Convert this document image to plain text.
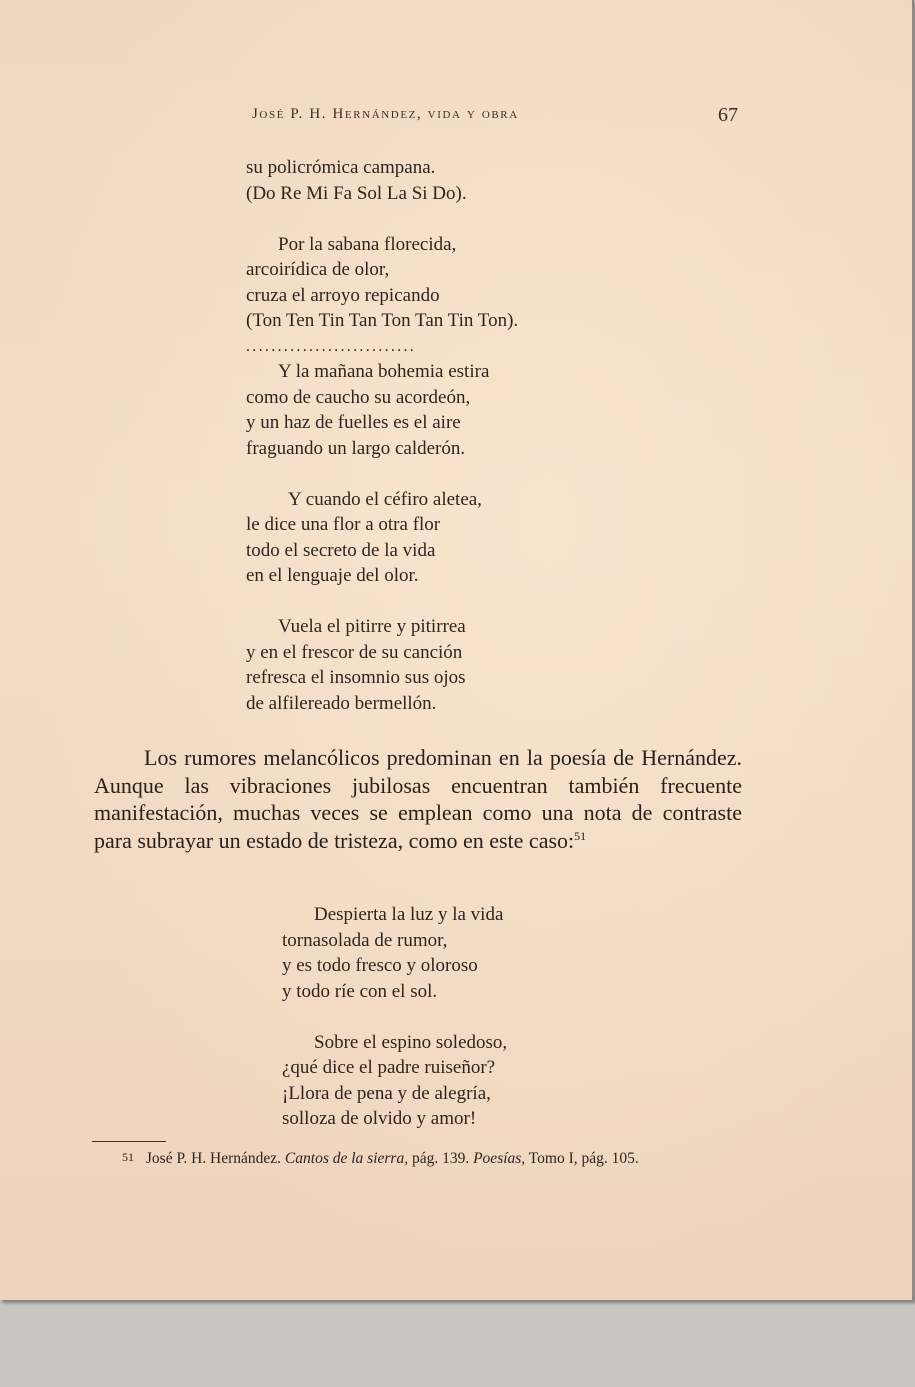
José P. H. Hernández, vida y obra	67
su policrómica campana.
(Do Re Mi Fa Sol La Si Do).
Por la sabana florecida,
arcoirídica de olor,
cruza el arroyo repicando
(Ton Ten Tin Tan Ton Tan Tin Ton).
...........................
Y la mañana bohemia estira
como de caucho su acordeón,
y un haz de fuelles es el aire
fraguando un largo calderón.
Y cuando el céfiro aletea,
le dice una flor a otra flor
todo el secreto de la vida
en el lenguaje del olor.
Vuela el pitirre y pitirrea
y en el frescor de su canción
refresca el insomnio sus ojos
de alfilereado bermellón.

Los rumores melancólicos predominan en la poesía de Hernández. Aunque las vibraciones jubilosas encuentran también frecuente manifestación, muchas veces se emplean como una nota de contraste para subrayar un estado de tristeza, como en este caso:$^{51}$

Despierta la luz y la vida
tornasolada de rumor,
y es todo fresco y oloroso
y todo ríe con el sol.
Sobre el espino soledoso,
¿qué dice el padre ruiseñor?
¡Llora de pena y de alegría,
solloza de olvido y amor!
$^{51}$ José P. H. Hernández. Cantos de la sierra, pág. 139. Poesías, Tomo I, pág. 105.
